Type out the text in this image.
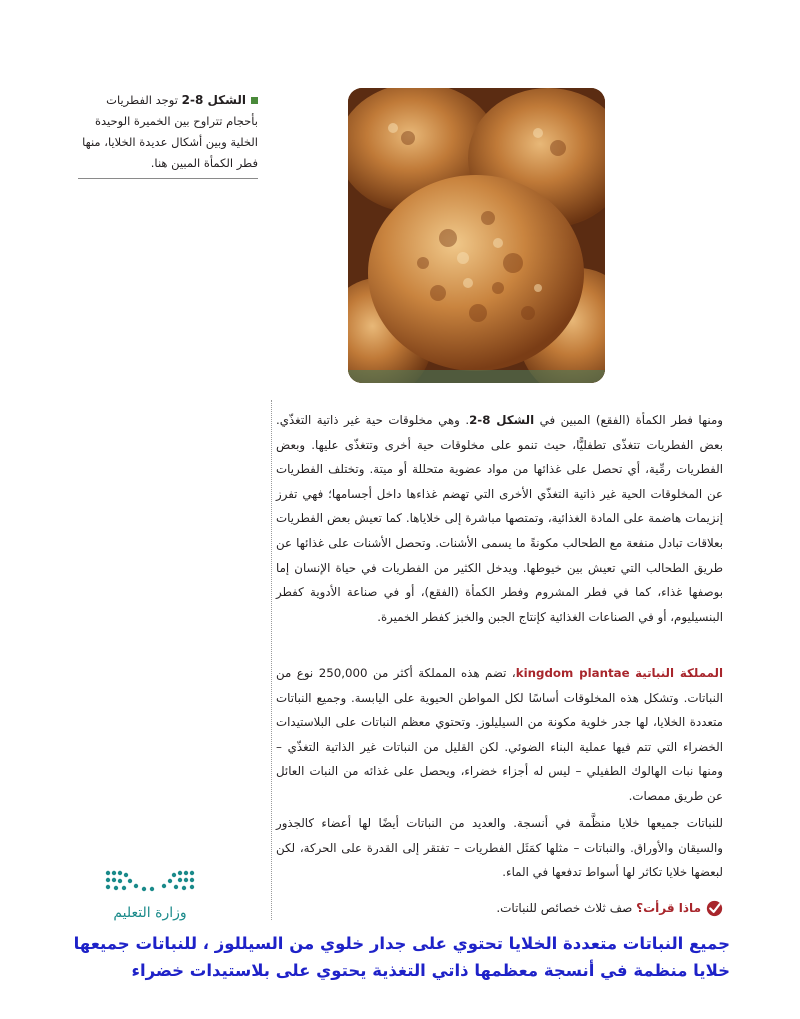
الشكل 8-2 توجد الفطريات بأحجام تتراوح بين الخميرة الوحيدة الخلية وبين أشكال عديدة الخلايا، منها فطر الكمأة المبين هنا.
ومنها فطر الكمأة (الفقع) المبين في الشكل 8-2. وهي مخلوقات حية غير ذاتية التغذّي. بعض الفطريات تتغذّى تطفليًّا، حيث تنمو على مخلوقات حية أخرى وتتغذّى عليها. وبعض الفطريات رمِّية، أي تحصل على غذائها من مواد عضوية متحللة أو ميتة. وتختلف الفطريات عن المخلوقات الحية غير ذاتية التغذّي الأخرى التي تهضم غذاءها داخل أجسامها؛ فهي تفرز إنزيمات هاضمة على المادة الغذائية، وتمتصها مباشرة إلى خلاياها. كما تعيش بعض الفطريات بعلاقات تبادل منفعة مع الطحالب مكونةً ما يسمى الأشنات. وتحصل الأشنات على غذائها عن طريق الطحالب التي تعيش بين خيوطها. ويدخل الكثير من الفطريات في حياة الإنسان إما بوصفها غذاء، كما في فطر المشروم وفطر الكمأة (الفقع)، أو في صناعة الأدوية كفطر البنسيليوم، أو في الصناعات الغذائية كإنتاج الجبن والخبز كفطر الخميرة.
المملكة النباتية kingdom plantae، تضم هذه المملكة أكثر من 250,000 نوع من النباتات. وتشكل هذه المخلوقات أساسًا لكل المواطن الحيوية على اليابسة. وجميع النباتات متعددة الخلايا، لها جدر خلوية مكونة من السيليلوز. وتحتوي معظم النباتات على البلاستيدات الخضراء التي تتم فيها عملية البناء الضوئي. لكن القليل من النباتات غير الذاتية التغذّي – ومنها نبات الهالوك الطفيلي – ليس له أجزاء خضراء، ويحصل على غذائه من النبات العائل عن طريق ممصات.
للنباتات جميعها خلايا منظَّمة في أنسجة. والعديد من النباتات أيضًا لها أعضاء كالجذور والسيقان والأوراق. والنباتات – مثلها كمَثَل الفطريات – تفتقر إلى القدرة على الحركة، لكن لبعضها خلايا تكاثر لها أسواط تدفعها في الماء.
ماذا قرأت؟ صف ثلاث خصائص للنباتات.
وزارة التعليم
جميع النباتات متعددة الخلايا تحتوي على جدار خلوي من السيللوز ، للنباتات جميعها
خلايا منظمة في أنسجة معظمها ذاتي التغذية يحتوي على بلاستيدات خضراء
